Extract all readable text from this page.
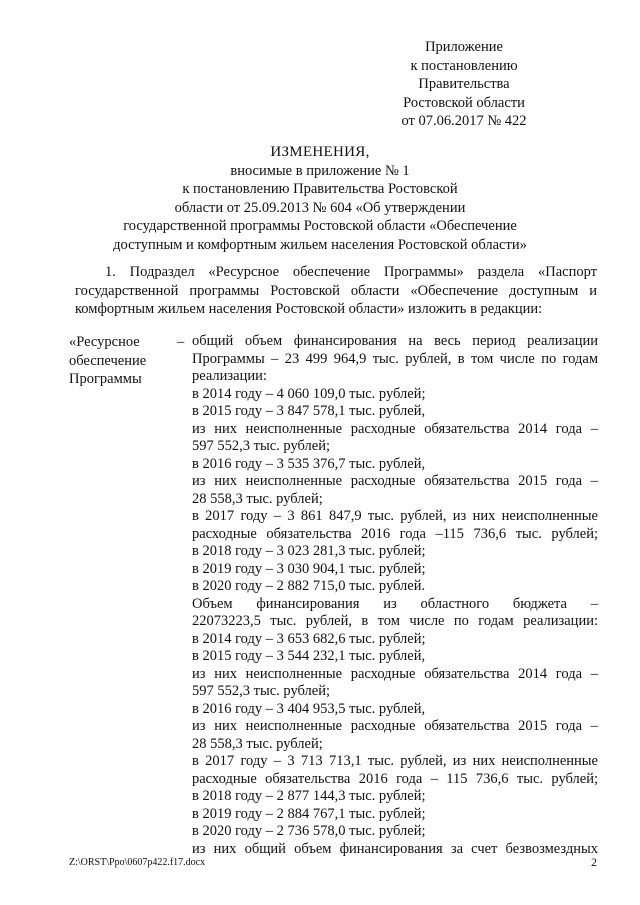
Приложение
к постановлению
Правительства
Ростовской области
от 07.06.2017 № 422
ИЗМЕНЕНИЯ,
вносимые в приложение № 1
к постановлению Правительства Ростовской
области от 25.09.2013 № 604 «Об утверждении
государственной программы Ростовской области «Обеспечение
доступным и комфортным жильем населения Ростовской области»
1. Подраздел «Ресурсное обеспечение Программы» раздела «Паспорт государственной программы Ростовской области «Обеспечение доступным и комфортным жильем населения Ростовской области» изложить в редакции:
«Ресурсное
обеспечение
Программы
– общий объем финансирования на весь период реализации
Программы – 23 499 964,9 тыс. рублей, в том числе по годам
реализации:
в 2014 году – 4 060 109,0 тыс. рублей;
в 2015 году – 3 847 578,1 тыс. рублей,
из них неисполненные расходные обязательства 2014 года –
597 552,3 тыс. рублей;
в 2016 году – 3 535 376,7 тыс. рублей,
из них неисполненные расходные обязательства 2015 года –
28 558,3 тыс. рублей;
в 2017 году – 3 861 847,9 тыс. рублей, из них неисполненные
расходные обязательства 2016 года –115 736,6 тыс. рублей;
в 2018 году – 3 023 281,3 тыс. рублей;
в 2019 году – 3 030 904,1 тыс. рублей;
в 2020 году – 2 882 715,0 тыс. рублей.
Объем финансирования из областного бюджета –
22073223,5 тыс. рублей, в том числе по годам реализации:
в 2014 году – 3 653 682,6 тыс. рублей;
в 2015 году – 3 544 232,1 тыс. рублей,
из них неисполненные расходные обязательства 2014 года –
597 552,3 тыс. рублей;
в 2016 году – 3 404 953,5 тыс. рублей,
из них неисполненные расходные обязательства 2015 года –
28 558,3 тыс. рублей;
в 2017 году – 3 713 713,1 тыс. рублей, из них неисполненные
расходные обязательства 2016 года – 115 736,6 тыс. рублей;
в 2018 году – 2 877 144,3 тыс. рублей;
в 2019 году – 2 884 767,1 тыс. рублей;
в 2020 году – 2 736 578,0 тыс. рублей;
из них общий объем финансирования за счет безвозмездных
Z:\ORST\Ppo\0607p422.f17.docx	2
